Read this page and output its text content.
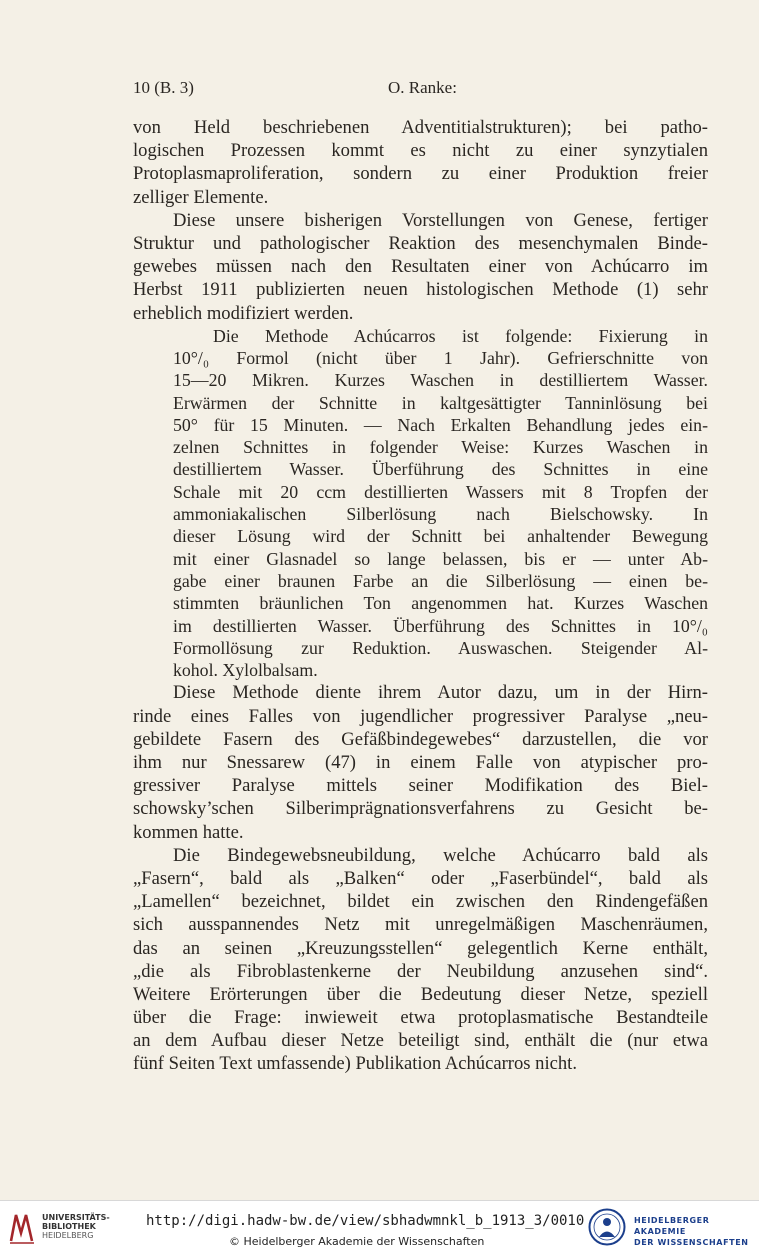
10 (B. 3)	O. Ranke:
von Held beschriebenen Adventitialstrukturen); bei patho-
logischen Prozessen kommt es nicht zu einer synzytialen
Protoplasmaproliferation, sondern zu einer Produktion freier
zelliger Elemente.
Diese unsere bisherigen Vorstellungen von Genese, fertiger
Struktur und pathologischer Reaktion des mesenchymalen Binde-
gewebes müssen nach den Resultaten einer von Achúcarro im
Herbst 1911 publizierten neuen histologischen Methode (1) sehr
erheblich modifiziert werden.
Die Methode Achúcarros ist folgende: Fixierung in
10°/₀ Formol (nicht über 1 Jahr). Gefrierschnitte von
15—20 Mikren. Kurzes Waschen in destilliertem Wasser.
Erwärmen der Schnitte in kaltgesättigter Tanninlösung bei
50° für 15 Minuten. — Nach Erkalten Behandlung jedes ein-
zelnen Schnittes in folgender Weise: Kurzes Waschen in
destilliertem Wasser. Überführung des Schnittes in eine
Schale mit 20 ccm destillierten Wassers mit 8 Tropfen der
ammoniakalischen Silberlösung nach Bielschowsky. In
dieser Lösung wird der Schnitt bei anhaltender Bewegung
mit einer Glasnadel so lange belassen, bis er — unter Ab-
gabe einer braunen Farbe an die Silberlösung — einen be-
stimmten bräunlichen Ton angenommen hat. Kurzes Waschen
im destillierten Wasser. Überführung des Schnittes in 10°/₀
Formollösung zur Reduktion. Auswaschen. Steigender Al-
kohol. Xylolbalsam.
Diese Methode diente ihrem Autor dazu, um in der Hirn-
rinde eines Falles von jugendlicher progressiver Paralyse „neu-
gebildete Fasern des Gefäßbindegewebes“ darzustellen, die vor
ihm nur Snessarew (47) in einem Falle von atypischer pro-
gressiver Paralyse mittels seiner Modifikation des Biel-
schowsky’schen Silberimprägnationsverfahrens zu Gesicht be-
kommen hatte.
Die Bindegewebsneubildung, welche Achúcarro bald als
„Fasern“, bald als „Balken“ oder „Faserbündel“, bald als
„Lamellen“ bezeichnet, bildet ein zwischen den Rindengefäßen
sich ausspannendes Netz mit unregelmäßigen Maschenräumen,
das an seinen „Kreuzungsstellen“ gelegentlich Kerne enthält,
„die als Fibroblastenkerne der Neubildung anzusehen sind“.
Weitere Erörterungen über die Bedeutung dieser Netze, speziell
über die Frage: inwieweit etwa protoplasmatische Bestandteile
an dem Aufbau dieser Netze beteiligt sind, enthält die (nur etwa
fünf Seiten Text umfassende) Publikation Achúcarros nicht.
UNIVERSITÄTS-
BIBLIOTHEK
HEIDELBERG
http://digi.hadw-bw.de/view/sbhadwmnkl_b_1913_3/0010
© Heidelberger Akademie der Wissenschaften
HEIDELBERGER AKADEMIE
DER WISSENSCHAFTEN
